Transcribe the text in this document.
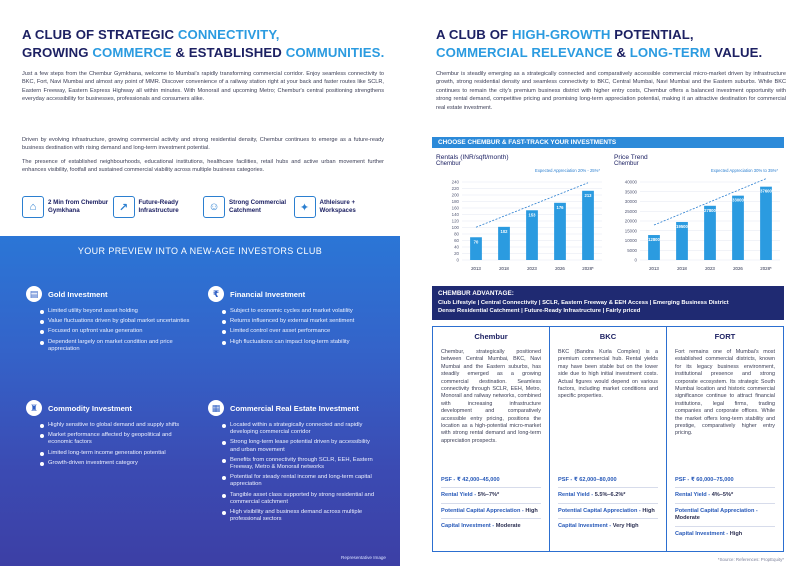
A CLUB OF STRATEGIC CONNECTIVITY,
GROWING COMMERCE & ESTABLISHED COMMUNITIES.

Just a few steps from the Chembur Gymkhana, welcome to Mumbai's rapidly transforming commercial corridor. Enjoy seamless connectivity to BKC, Fort, Navi Mumbai and almost any point of MMR. Discover convenience of a railway station right at your back and faster routes like SCLR, Eastern Freeway, Eastern Express Highway all within minutes. With Monorail and upcoming Metro; Chembur's central positioning strengthens everyday accessibility for businesses, professionals and consumers alike.

Driven by evolving infrastructure, growing commercial activity and strong residential density, Chembur continues to emerge as a future-ready business destination with rising demand and long-term investment potential.

The presence of established neighbourhoods, educational institutions, healthcare facilities, retail hubs and active urban movement further enhances visibility, footfall and sustained commercial viability across multiple business categories.

⌂	2 Min from Chembur Gymkhana	↗	Future-Ready Infrastructure	☺	Strong Commercial Catchment	✦	Athleisure + Workspaces
YOUR PREVIEW INTO A NEW-AGE INVESTORS CLUB
▤	Gold Investment
Limited utility beyond asset holding
Value fluctuations driven by global market uncertainties
Focused on upfront value generation
Dependent largely on market condition and price appreciation
₹	Financial Investment
Subject to economic cycles and market volatility
Returns influenced by external market sentiment
Limited control over asset performance
High fluctuations can impact long-term stability
♜	Commodity Investment
Highly sensitive to global demand and supply shifts
Market performance affected by geopolitical and economic factors
Limited long-term income generation potential
Growth-driven investment category
▦	Commercial Real Estate Investment
Located within a strategically connected and rapidly developing commercial corridor
Strong long-term lease potential driven by accessibility and urban movement
Benefits from connectivity through SCLR, EEH, Eastern Freeway, Metro & Monorail networks
Potential for steady rental income and long-term capital appreciation
Tangible asset class supported by strong residential and commercial catchment
High visibility and business demand across multiple professional sectors
Representative Image
A CLUB OF HIGH-GROWTH POTENTIAL,
COMMERCIAL RELEVANCE & LONG-TERM VALUE.

Chembur is steadily emerging as a strategically connected and comparatively accessible commercial micro-market driven by infrastructure growth, strong residential density and seamless connectivity to BKC, Central Mumbai, Navi Mumbai and the Eastern suburbs. While BKC continues to remain the city's premium business district with higher entry costs, Chembur offers a balanced investment opportunity with strong rental demand, competitive pricing and promising long-term appreciation potential, making it an attractive destination for commercial real estate investment.

CHOOSE CHEMBUR & FAST-TRACK YOUR INVESTMENTS
Rentals (INR/sqft/month)
Chembur
0
20
40
60
80
100
120
140
160
180
200
220
240
Expected Appreciation 20% - 25%*
70
2013
102
2018
153
2023
176
2026
213
2028*
Price Trend
Chembur
0
5000
10000
15000
20000
25000
30000
35000
40000
Expected Appreciation 30% to 35%*
12800
2013
19500
2018
27800
2023
33000
2026
37600
2028*
CHEMBUR ADVANTAGE:
Club Lifestyle | Central Connectivity | SCLR, Eastern Freeway & EEH Access | Emerging Business District
Dense Residential Catchment | Future-Ready Infrastructure | Fairly priced
Chembur
Chembur, strategically positioned between Central Mumbai, BKC, Navi Mumbai and the Eastern suburbs, has steadily emerged as a growing commercial destination. Seamless connectivity through SCLR, EEH, Metro, Monorail and railway networks, combined with increasing infrastructure development and comparatively accessible entry pricing, positions the location as a high-potential micro-market with strong rental demand and long-term appreciation prospects.
PSF - ₹ 42,000–45,000
Rental Yield - 5%–7%*
Potential Capital Appreciation - High
Capital Investment - Moderate
BKC
BKC (Bandra Kurla Complex) is a premium commercial hub. Rental yields may have been stable but on the lower side due to high initial investment costs. Actual figures would depend on various factors, including market conditions and specific properties.
PSF - ₹ 62,000–80,000
Rental Yield - 5.5%–6.2%*
Potential Capital Appreciation - High
Capital Investment - Very High
FORT
Fort remains one of Mumbai's most established commercial districts, known for its legacy business environment, institutional presence and strong corporate ecosystem. Its strategic South Mumbai location and historic commercial significance continue to attract financial institutions, legal firms, trading companies and corporate offices. While the market offers long-term stability and prestige, comparatively higher entry pricing.
PSF - ₹ 60,000–75,000
Rental Yield - 4%–5%*
Potential Capital Appreciation - Moderate
Capital Investment - High
*Source: References: PropEquity*
